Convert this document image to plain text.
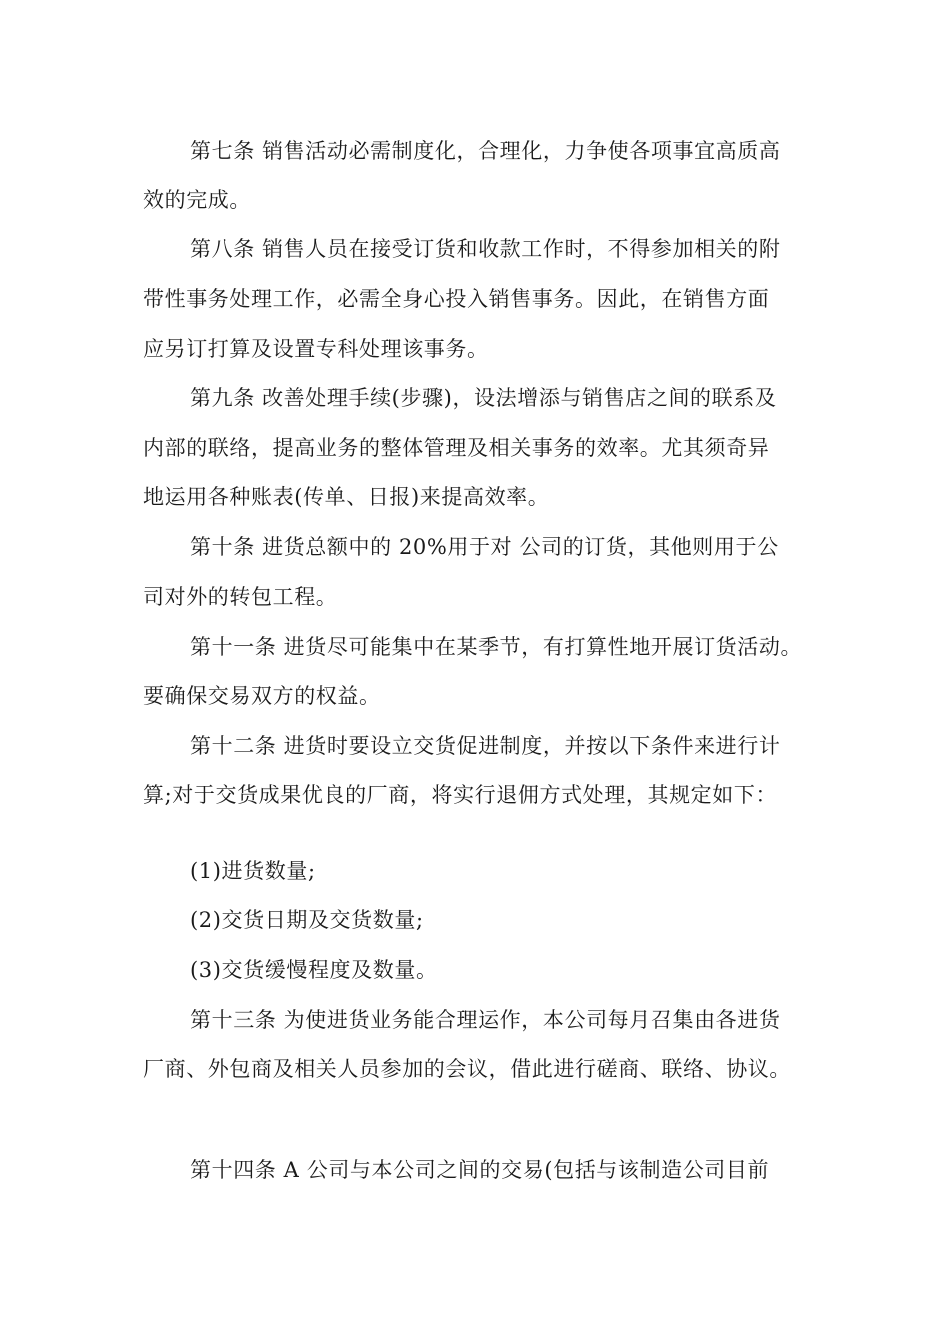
第七条 销售活动必需制度化，合理化，力争使各项事宜高质高
效的完成。
第八条 销售人员在接受订货和收款工作时，不得参加相关的附
带性事务处理工作，必需全身心投入销售事务。因此，在销售方面
应另订打算及设置专科处理该事务。
第九条 改善处理手续(步骤)，设法增添与销售店之间的联系及
内部的联络，提高业务的整体管理及相关事务的效率。尤其须奇异
地运用各种账表(传单、日报)来提高效率。
第十条 进货总额中的 20%用于对 公司的订货，其他则用于公
司对外的转包工程。
第十一条 进货尽可能集中在某季节，有打算性地开展订货活动。
要确保交易双方的权益。
第十二条 进货时要设立交货促进制度，并按以下条件来进行计
算;对于交货成果优良的厂商，将实行退佣方式处理，其规定如下：
(1)进货数量;
(2)交货日期及交货数量;
(3)交货缓慢程度及数量。
第十三条 为使进货业务能合理运作，本公司每月召集由各进货
厂商、外包商及相关人员参加的会议，借此进行磋商、联络、协议。
第十四条 A 公司与本公司之间的交易(包括与该制造公司目前
